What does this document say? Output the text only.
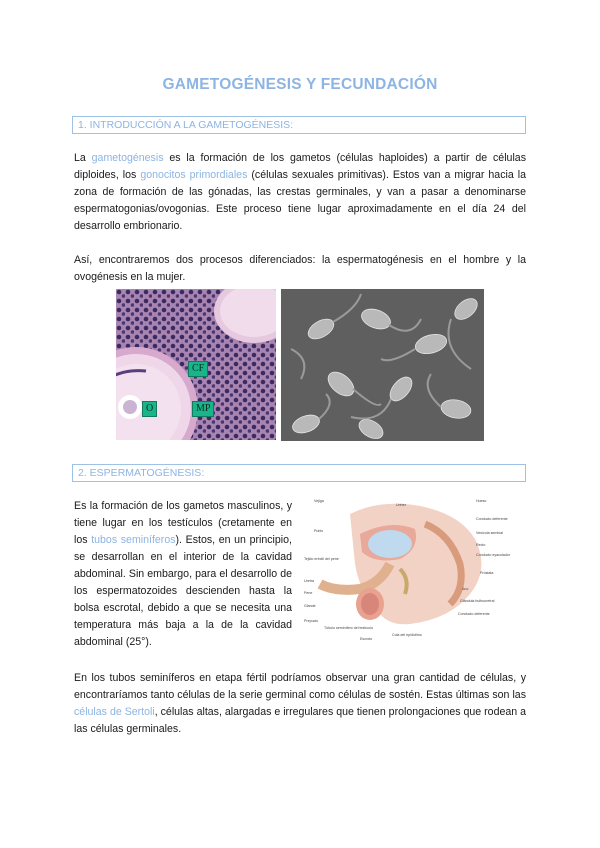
GAMETOGÉNESIS Y FECUNDACIÓN
1. INTRODUCCIÓN A LA GAMETOGÉNESIS:
La gametogénesis es la formación de los gametos (células haploides) a partir de células diploides, los gonocitos primordiales (células sexuales primitivas). Estos van a migrar hacia la zona de formación de las gónadas, las crestas germinales, y van a pasar a denominarse espermatogonias/ovogonias. Este proceso tiene lugar aproximadamente en el día 24 del desarrollo embrionario.
Así, encontraremos dos procesos diferenciados: la espermatogénesis en el hombre y la ovogénesis en la mujer.
CF
O	MP
2. ESPERMATOGÉNESIS:
Es la formación de los gametos masculinos, y tiene lugar en los testículos (cretamente en los tubos seminíferos). Estos, en un principio, se desarrollan en el interior de la cavidad abdominal. Sin embargo, para el desarrollo de los espermatozoides descienden hasta la bolsa escrotal, debido a que se necesita una temperatura más baja a la de la cavidad abdominal (25°).
Vejiga
Uréter
Hueso
Pubis
Tejido eréctil del pene
Uretra
Pene
Glande
Prepucio
Túbulo seminífero del testículo
Escroto
Cola del epidídimo
Conducto deferente
Vesícula seminal
Recto
Conducto eyaculador
Próstata
Ano
Glándula bulbouretral
Conducto deferente
En los tubos seminíferos en etapa fértil podríamos observar una gran cantidad de células, y encontraríamos tanto células de la serie germinal como células de sostén. Estas últimas son las células de Sertoli, células altas, alargadas e irregulares que tienen prolongaciones que rodean a las células germinales.
